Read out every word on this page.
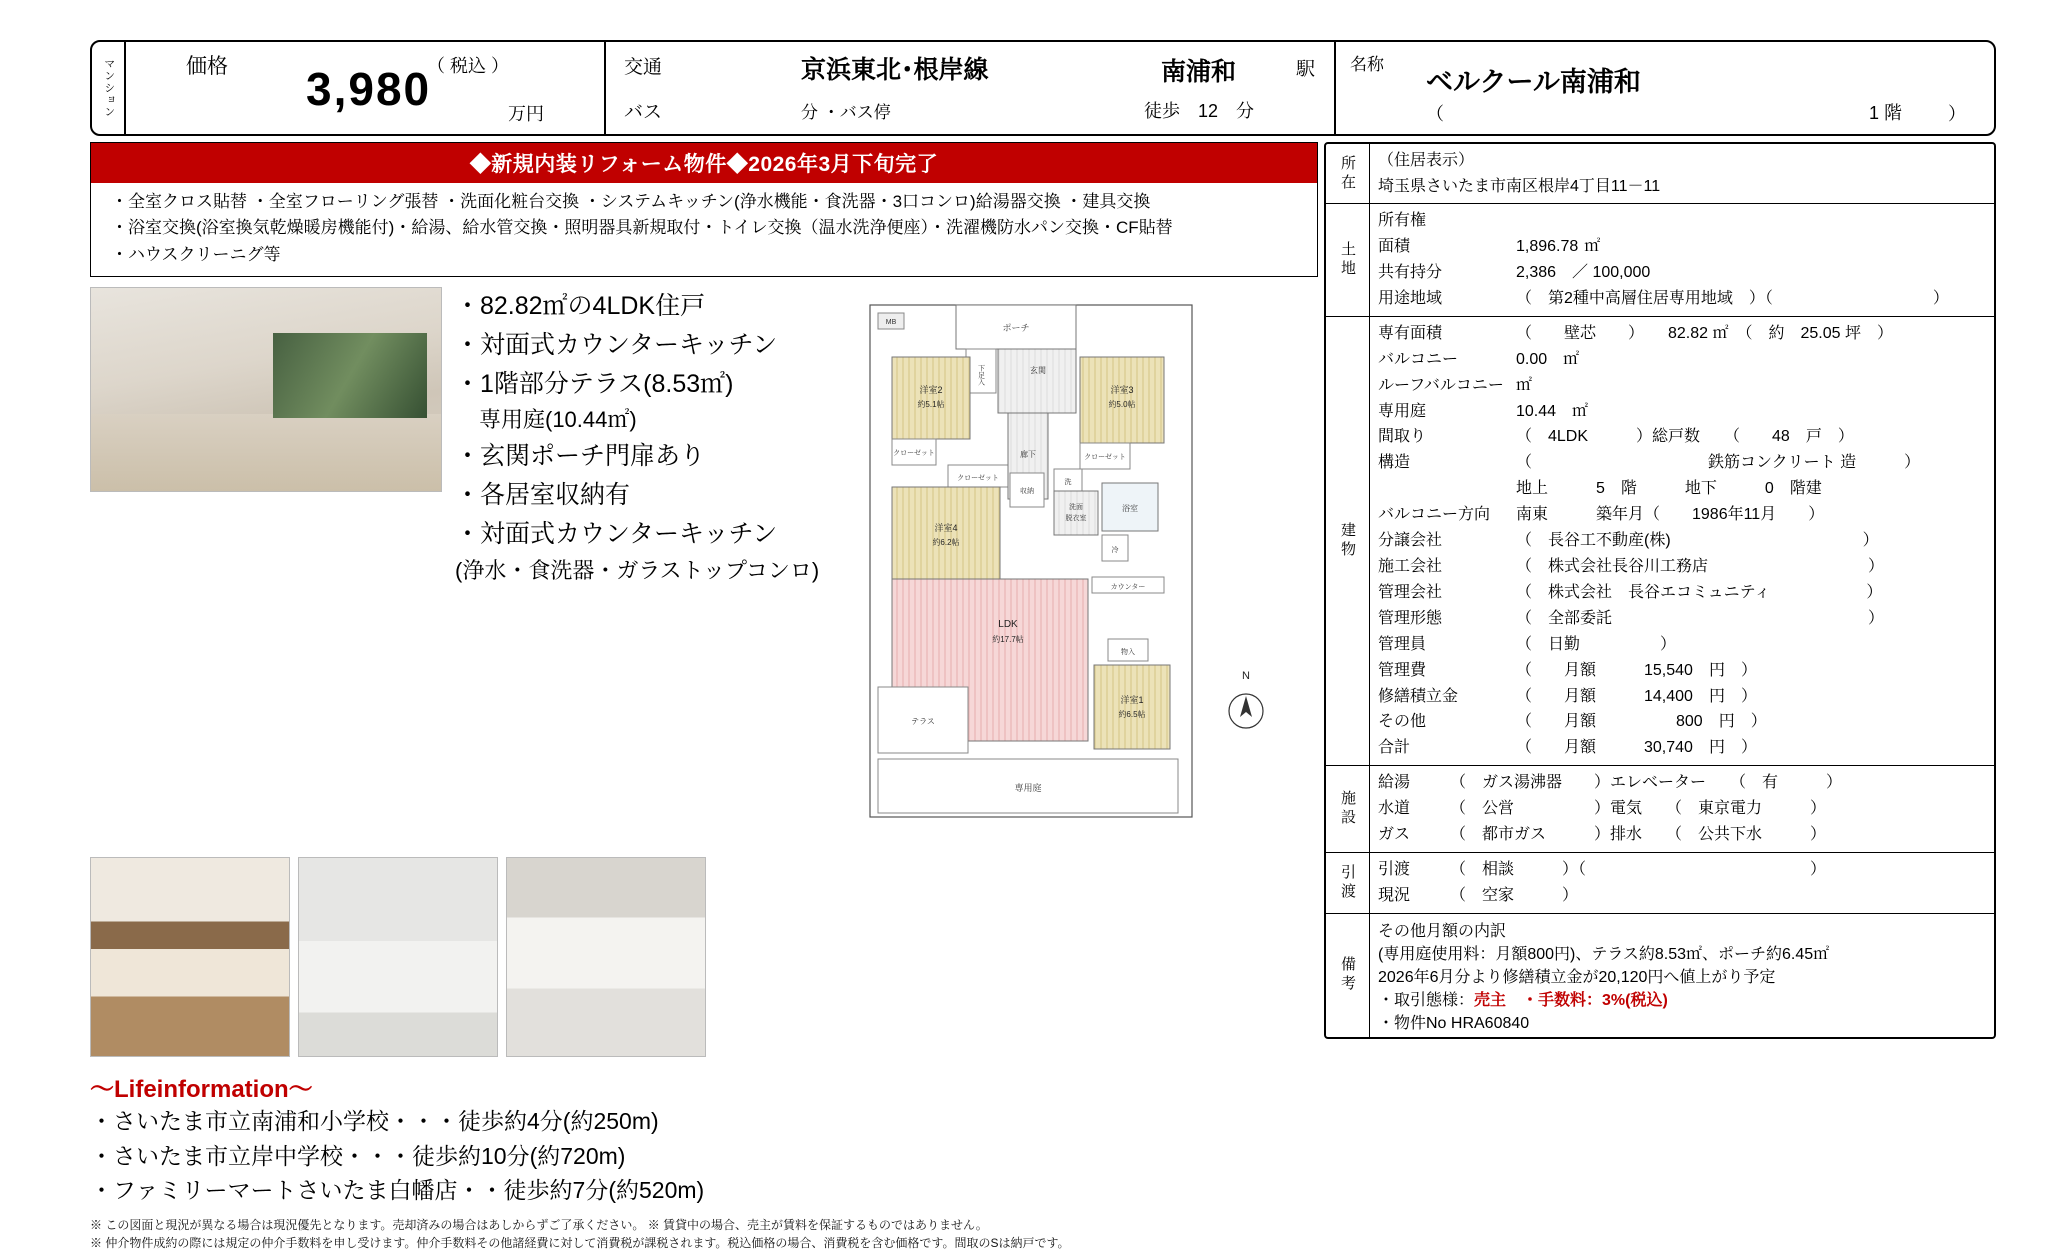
マンション	価格 3,980
（ 税込 ）
万円
交通	京浜東北･根岸線	南浦和	駅
バス	分 ・バス停	徒歩　12　分
名称
ベルクール南浦和
（	1 階	）
◆新規内装リフォーム物件◆2026年3月下旬完了
・全室クロス貼替 ・全室フローリング張替 ・洗面化粧台交換 ・システムキッチン(浄水機能・食洗器・3口コンロ)給湯器交換 ・建具交換
・浴室交換(浴室換気乾燥暖房機能付)・給湯、給水管交換・照明器具新規取付・トイレ交換（温水洗浄便座）・洗濯機防水パン交換・CF貼替
・ハウスクリーニグ等
・82.82㎡の4LDK住戸
・対面式カウンターキッチン
・1階部分テラス(8.53㎡)
専用庭(10.44㎡)
・玄関ポーチ門扉あり
・各居室収納有
・対面式カウンターキッチン
(浄水・食洗器・ガラストップコンロ)
ポーチ
MB
玄関
下足入
洋室2
約5.1帖
洋室3
約5.0帖
クローゼット
クローゼット
クローゼット
廊下
収納
洗
洗面
脱衣室
浴室
洋室4
約6.2帖
冷
カウンター
LDK
約17.7帖
物入
洋室1
約6.5帖
テラス
専用庭
N
～Lifeinformation～
・さいたま市立南浦和小学校・・・徒歩約4分(約250m)
・さいたま市立岸中学校・・・徒歩約10分(約720m)
・ファミリーマートさいたま白幡店・・徒歩約7分(約520m)
※ この図面と現況が異なる場合は現況優先となります。売却済みの場合はあしからずご了承ください。 ※ 賃貸中の場合、売主が賃料を保証するものではありません。
※ 仲介物件成約の際には規定の仲介手数料を申し受けます。仲介手数料その他諸経費に対して消費税が課税されます。税込価格の場合、消費税を含む価格です。間取のSは納戸です。
所在	（住居表示）
埼玉県さいたま市南区根岸4丁目11－11
土地
所有権
面積	1,896.78 ㎡
共有持分	2,386　／ 100,000
用途地域	（　第2種中高層住居専用地域　）（　　　　　　　　　　）
建物
専有面積	（　　壁芯　　）　　82.82 ㎡　（　約　25.05 坪　）
バルコニー	0.00　㎡
ルーフバルコニー ㎡
専用庭	10.44　㎡
間取り	（　4LDK　　　）総戸数　　（　　48　戸　）
構造	（　　　　　　　　　　　鉄筋コンクリート 造　　　）
地上　　　5　階　　　地下　　　0　階建
バルコニー方向	南東　　　築年月（　　1986年11月　　）
分譲会社	（　長谷工不動産(株)　　　　　　　　　　　　）
施工会社	（　株式会社長谷川工務店　　　　　　　　　　）
管理会社	（　株式会社　長谷エコミュニティ　　　　　　）
管理形態	（　全部委託　　　　　　　　　　　　　　　　）
管理員	（　日勤　　　　　）
管理費	（　　月額　　　15,540　円　）
修繕積立金	（　　月額　　　14,400　円　）
その他	（　　月額　　　　　800　円　）
合計	（　　月額　　　30,740　円　）
施設
給湯	（　ガス湯沸器　　）エレベーター　　（　有　　　）
水道	（　公営　　　　　）電気　　（　東京電力　　　）
ガス	（　都市ガス　　　）排水　　（　公共下水　　　）
引渡	引渡	（　相談　　　）（　　　　　　　　　　　　　　）
現況	（　空家　　　）
備考
その他月額の内訳
(専用庭使用料：月額800円)、テラス約8.53㎡、ポーチ約6.45㎡
2026年6月分より修繕積立金が20,120円へ値上がり予定
・取引態様：売主　・手数料：3%(税込)
・物件No HRA60840
